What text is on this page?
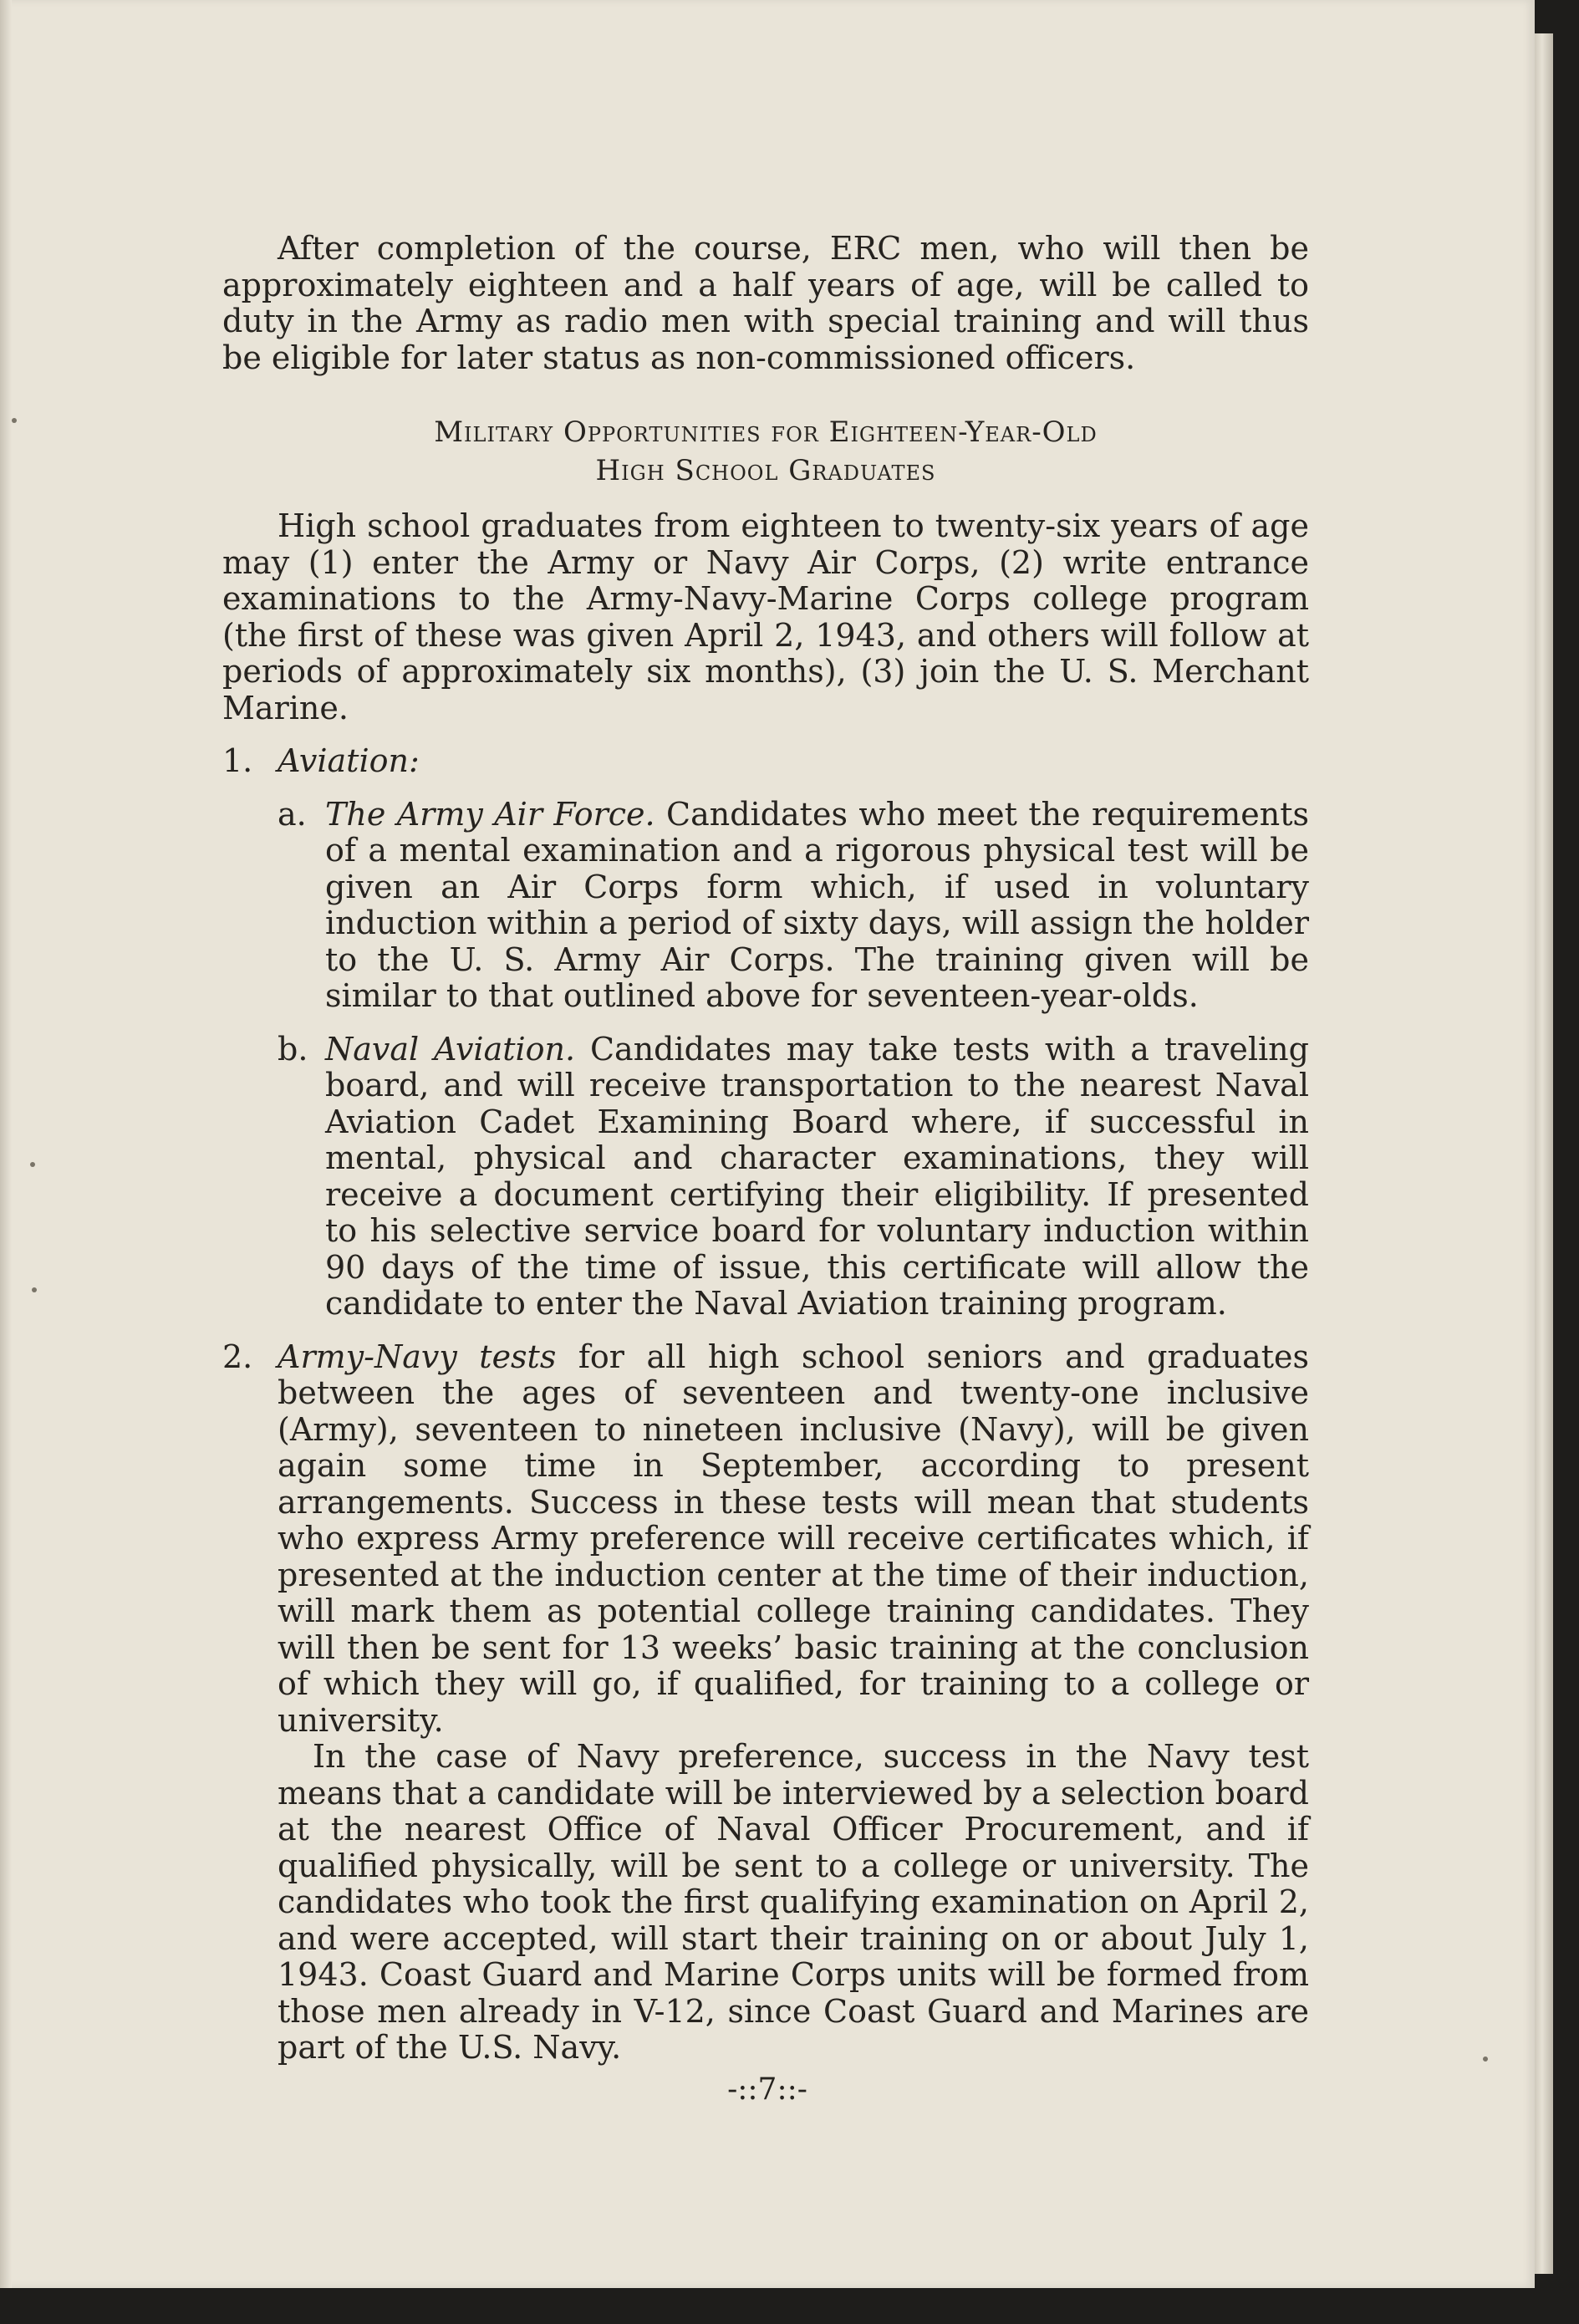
After completion of the course, ERC men, who will then be approximately eighteen and a half years of age, will be called to duty in the Army as radio men with special training and will thus be eligible for later status as non-commissioned officers.

Military Opportunities for Eighteen-Year-Old
High School Graduates

High school graduates from eighteen to twenty-six years of age may (1) enter the Army or Navy Air Corps, (2) write entrance examinations to the Army-Navy-Marine Corps college program (the first of these was given April 2, 1943, and others will follow at periods of approximately six months), (3) join the U. S. Merchant Marine.

1. Aviation:
a. The Army Air Force. Candidates who meet the requirements of a mental examination and a rigorous physical test will be given an Air Corps form which, if used in voluntary induction within a period of sixty days, will assign the holder to the U. S. Army Air Corps. The training given will be similar to that outlined above for seventeen-year-olds.

b. Naval Aviation. Candidates may take tests with a traveling board, and will receive transportation to the nearest Naval Aviation Cadet Examining Board where, if successful in mental, physical and character examinations, they will receive a document certifying their eligibility. If presented to his selective service board for voluntary induction within 90 days of the time of issue, this certificate will allow the candidate to enter the Naval Aviation training program.

2. Army-Navy tests for all high school seniors and graduates between the ages of seventeen and twenty-one inclusive (Army), seventeen to nineteen inclusive (Navy), will be given again some time in September, according to present arrangements. Success in these tests will mean that students who express Army preference will receive certificates which, if presented at the induction center at the time of their induction, will mark them as potential college training candidates. They will then be sent for 13 weeks’ basic training at the conclusion of which they will go, if qualified, for training to a college or university.

In the case of Navy preference, success in the Navy test means that a candidate will be interviewed by a selection board at the nearest Office of Naval Officer Procurement, and if qualified physically, will be sent to a college or university. The candidates who took the first qualifying examination on April 2, and were accepted, will start their training on or about July 1, 1943. Coast Guard and Marine Corps units will be formed from those men already in V-12, since Coast Guard and Marines are part of the U.S. Navy.

-::7::-
